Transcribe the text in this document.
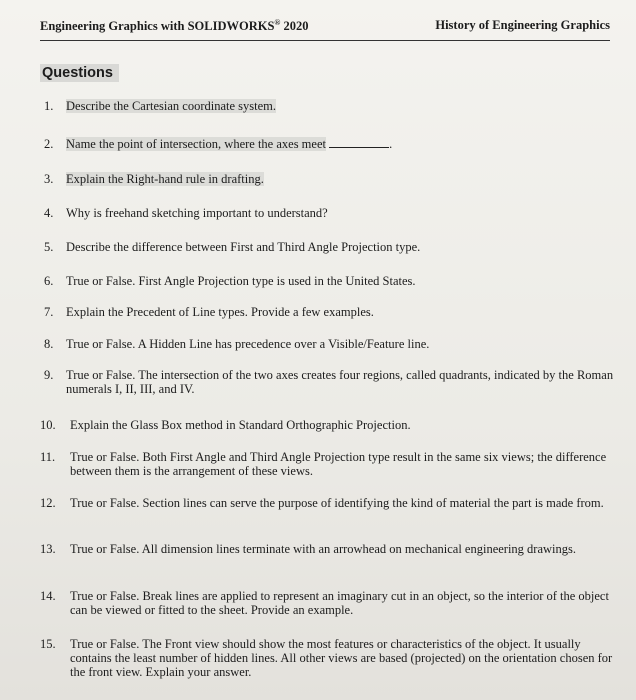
Engineering Graphics with SOLIDWORKS® 2020	History of Engineering Graphics
Questions
1.	Describe the Cartesian coordinate system.
2.	Name the point of intersection, where the axes meet	.
3.	Explain the Right-hand rule in drafting.
4.	Why is freehand sketching important to understand?
5.	Describe the difference between First and Third Angle Projection type.
6.	True or False. First Angle Projection type is used in the United States.
7.	Explain the Precedent of Line types. Provide a few examples.
8.	True or False. A Hidden Line has precedence over a Visible/Feature line.
9.	True or False. The intersection of the two axes creates four regions, called quadrants, indicated by the Roman numerals I, II, III, and IV.
10.	Explain the Glass Box method in Standard Orthographic Projection.
11.	True or False. Both First Angle and Third Angle Projection type result in the same six views; the difference between them is the arrangement of these views.
12.	True or False. Section lines can serve the purpose of identifying the kind of material the part is made from.
13.	True or False. All dimension lines terminate with an arrowhead on mechanical engineering drawings.
14.	True or False. Break lines are applied to represent an imaginary cut in an object, so the interior of the object can be viewed or fitted to the sheet. Provide an example.
15.	True or False. The Front view should show the most features or characteristics of the object. It usually contains the least number of hidden lines. All other views are based (projected) on the orientation chosen for the front view. Explain your answer.
